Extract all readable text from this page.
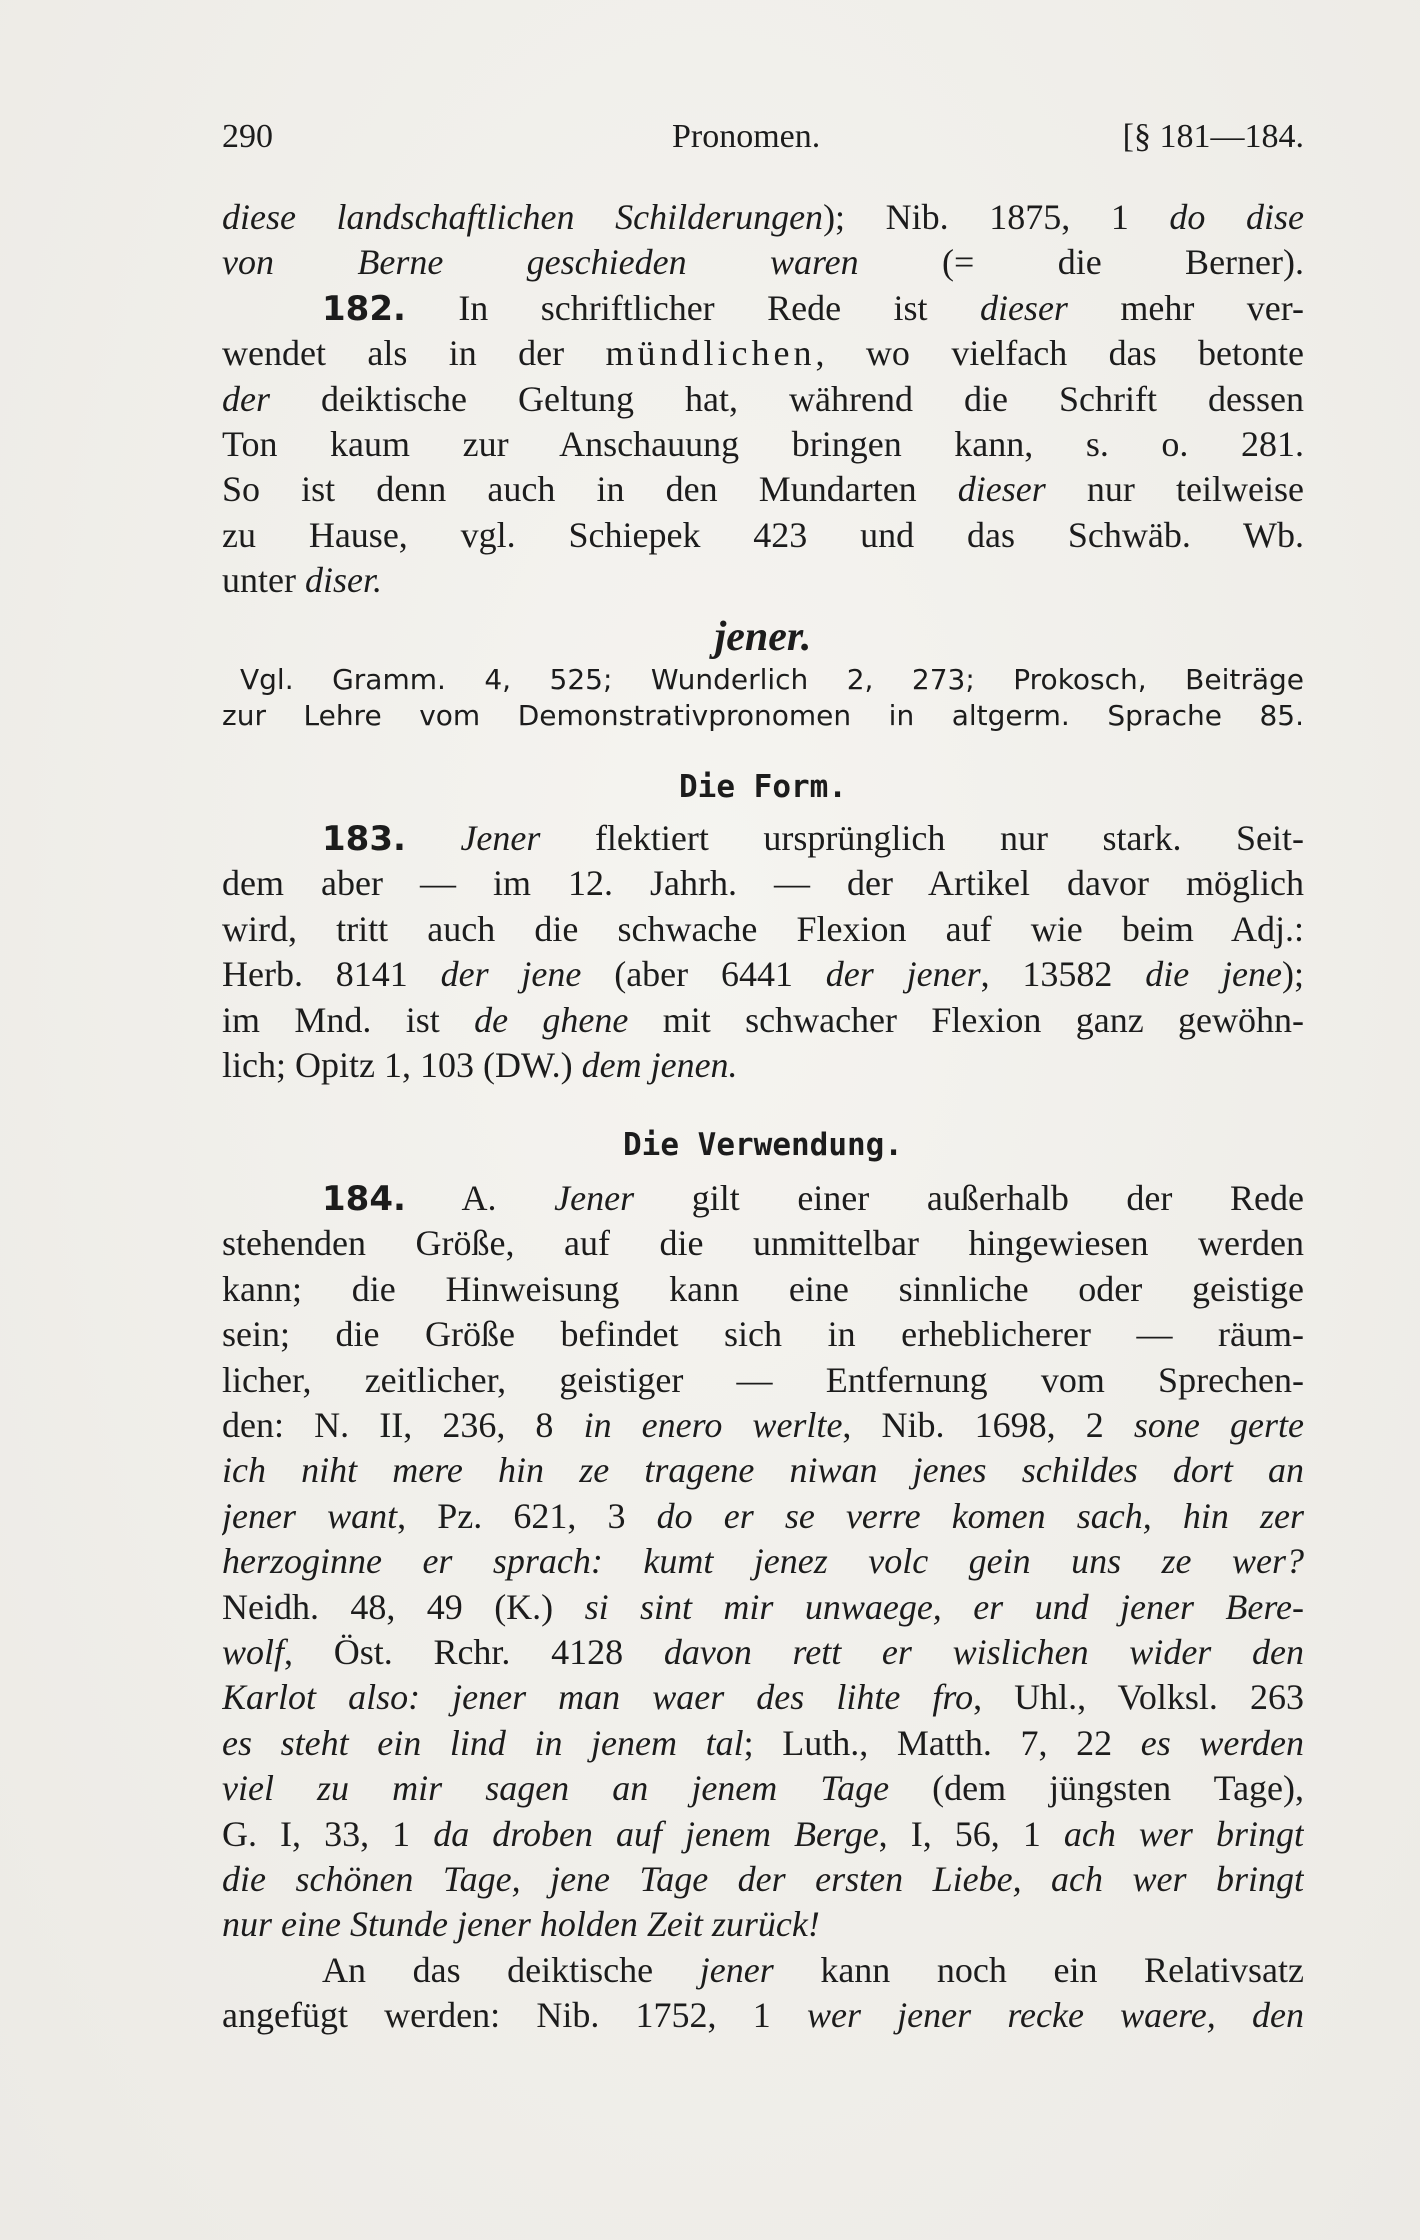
290	Pronomen.	[§ 181—184.
diese landschaftlichen Schilderungen); Nib. 1875, 1 do dise
von Berne geschieden waren (= die Berner).
182. In schriftlicher Rede ist dieser mehr ver-
wendet als in der mündlichen, wo vielfach das betonte
der deiktische Geltung hat, während die Schrift dessen
Ton kaum zur Anschauung bringen kann, s. o. 281.
So ist denn auch in den Mundarten dieser nur teilweise
zu Hause, vgl. Schiepek 423 und das Schwäb. Wb.
unter diser.
jener.
Vgl. Gramm. 4, 525; Wunderlich 2, 273; Prokosch, Beiträge
zur Lehre vom Demonstrativpronomen in altgerm. Sprache 85.
Die Form.
183. Jener flektiert ursprünglich nur stark. Seit-
dem aber — im 12. Jahrh. — der Artikel davor möglich
wird, tritt auch die schwache Flexion auf wie beim Adj.:
Herb. 8141 der jene (aber 6441 der jener, 13582 die jene);
im Mnd. ist de ghene mit schwacher Flexion ganz gewöhn-
lich; Opitz 1, 103 (DW.) dem jenen.
Die Verwendung.
184. A. Jener gilt einer außerhalb der Rede
stehenden Größe, auf die unmittelbar hingewiesen werden
kann; die Hinweisung kann eine sinnliche oder geistige
sein; die Größe befindet sich in erheblicherer — räum-
licher, zeitlicher, geistiger — Entfernung vom Sprechen-
den: N. II, 236, 8 in enero werlte, Nib. 1698, 2 sone gerte
ich niht mere hin ze tragene niwan jenes schildes dort an
jener want, Pz. 621, 3 do er se verre komen sach, hin zer
herzoginne er sprach: kumt jenez volc gein uns ze wer?
Neidh. 48, 49 (K.) si sint mir unwaege, er und jener Bere-
wolf, Öst. Rchr. 4128 davon rett er wislichen wider den
Karlot also: jener man waer des lihte fro, Uhl., Volksl. 263
es steht ein lind in jenem tal; Luth., Matth. 7, 22 es werden
viel zu mir sagen an jenem Tage (dem jüngsten Tage),
G. I, 33, 1 da droben auf jenem Berge, I, 56, 1 ach wer bringt
die schönen Tage, jene Tage der ersten Liebe, ach wer bringt
nur eine Stunde jener holden Zeit zurück!
An das deiktische jener kann noch ein Relativsatz
angefügt werden: Nib. 1752, 1 wer jener recke waere, den
